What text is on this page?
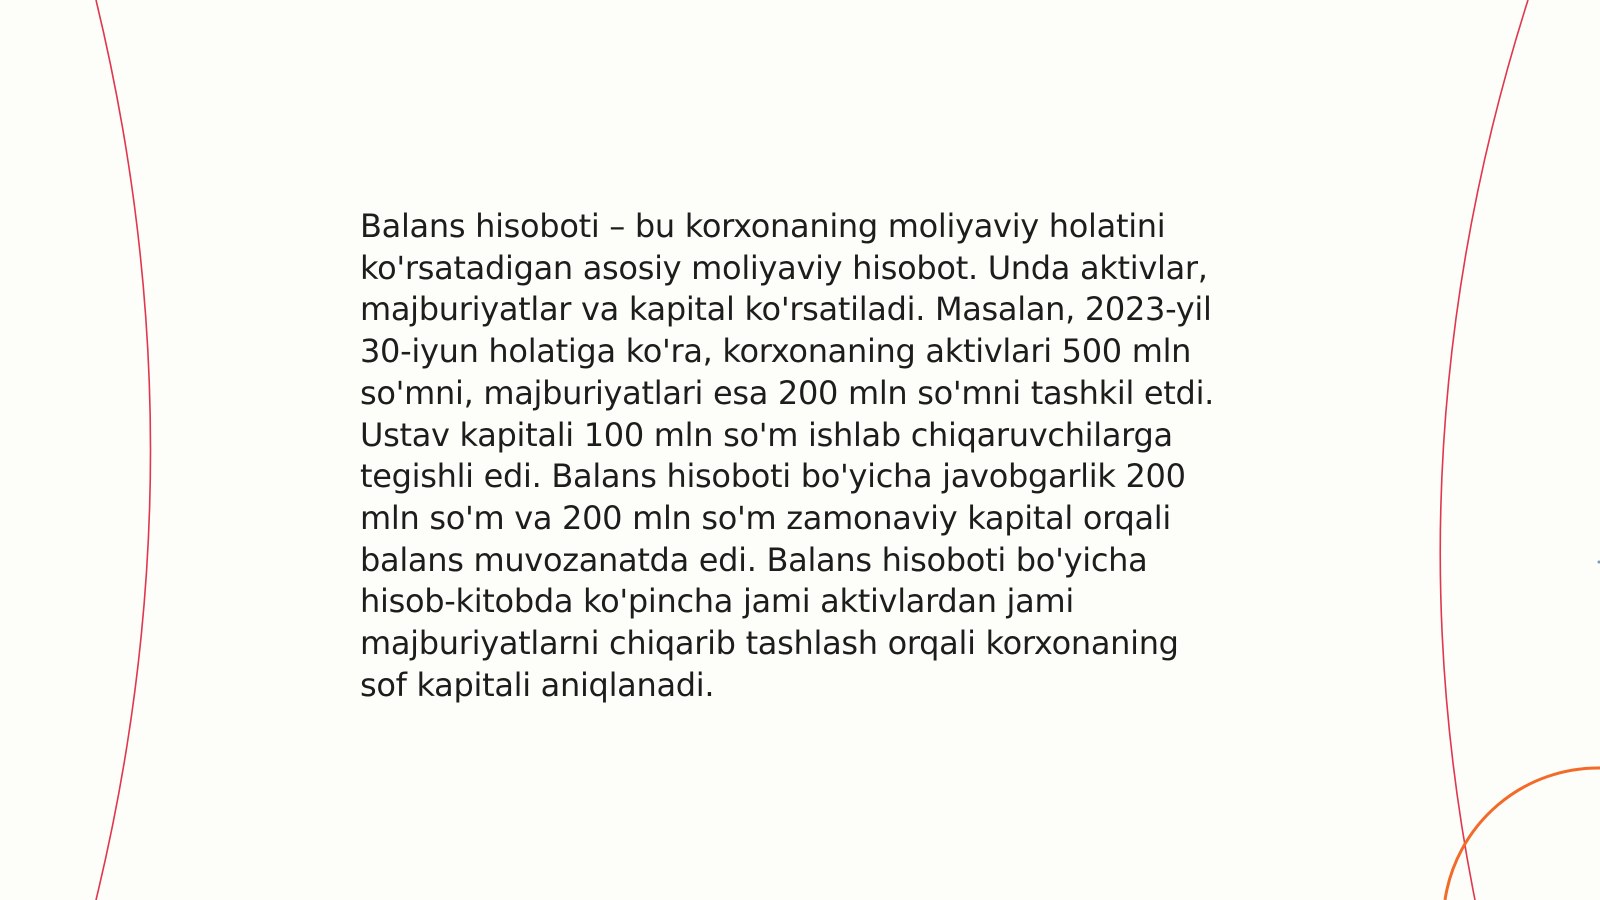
Balans hisoboti – bu korxonaning moliyaviy holatini
ko'rsatadigan asosiy moliyaviy hisobot. Unda aktivlar,
majburiyatlar va kapital ko'rsatiladi. Masalan, 2023-yil
30-iyun holatiga ko'ra, korxonaning aktivlari 500 mln
so'mni, majburiyatlari esa 200 mln so'mni tashkil etdi.
Ustav kapitali 100 mln so'm ishlab chiqaruvchilarga
tegishli edi. Balans hisoboti bo'yicha javobgarlik 200
mln so'm va 200 mln so'm zamonaviy kapital orqali
balans muvozanatda edi. Balans hisoboti bo'yicha
hisob-kitobda ko'pincha jami aktivlardan jami
majburiyatlarni chiqarib tashlash orqali korxonaning
sof kapitali aniqlanadi.
